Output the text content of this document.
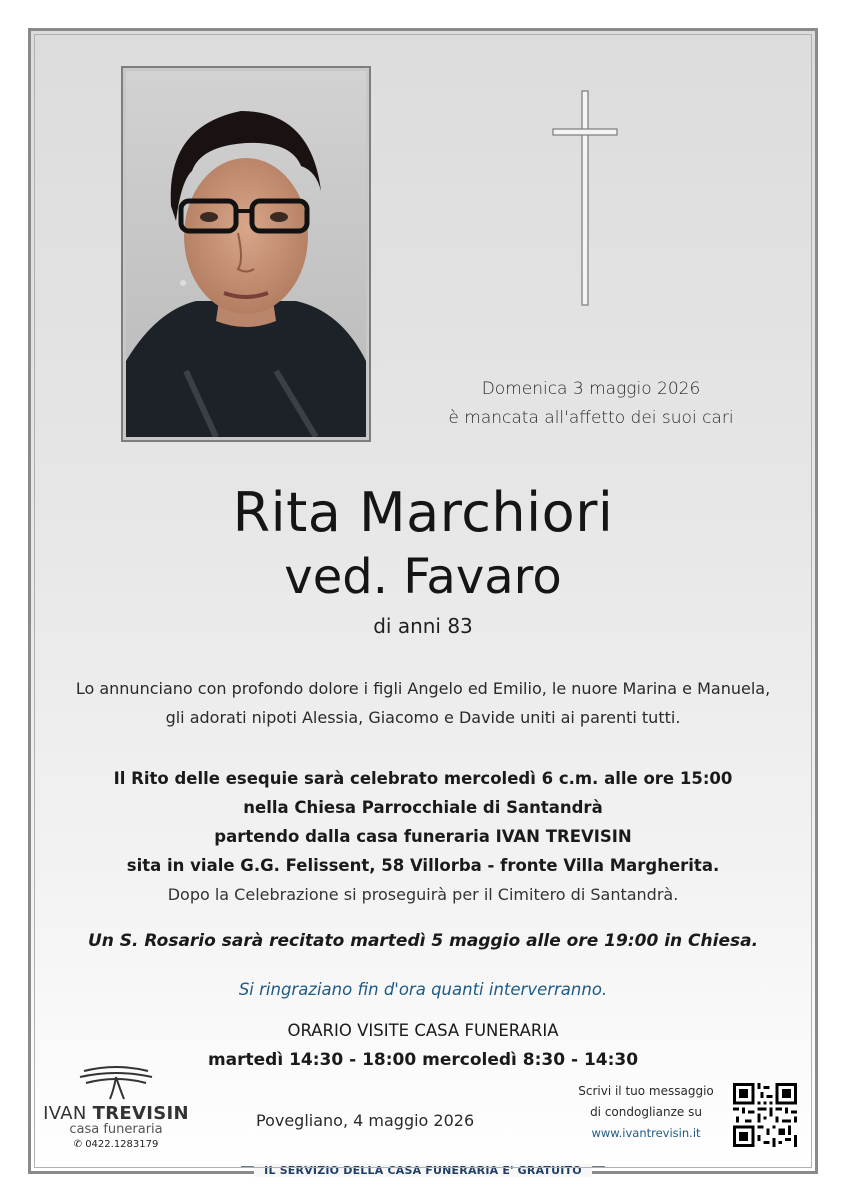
Domenica 3 maggio 2026
è mancata all'affetto dei suoi cari
Rita Marchiori
ved. Favaro
di anni 83
Lo annunciano con profondo dolore i figli Angelo ed Emilio, le nuore Marina e Manuela,
gli adorati nipoti Alessia, Giacomo e Davide uniti ai parenti tutti.
Il Rito delle esequie sarà celebrato mercoledì 6 c.m. alle ore 15:00
nella Chiesa Parrocchiale di Santandrà
partendo dalla casa funeraria IVAN TREVISIN
sita in viale G.G. Felissent, 58 Villorba - fronte Villa Margherita.
Dopo la Celebrazione si proseguirà per il Cimitero di Santandrà.
Un S. Rosario sarà recitato martedì 5 maggio alle ore 19:00 in Chiesa.
Si ringraziano fin d'ora quanti interverranno.
ORARIO VISITE CASA FUNERARIA
martedì 14:30 - 18:00 mercoledì 8:30 - 14:30
IVAN TREVISIN
casa funeraria
✆ 0422.1283179
Povegliano, 4 maggio 2026
Scrivi il tuo messaggio
di condoglianze su
www.ivantrevisin.it
IL SERVIZIO DELLA CASA FUNERARIA E' GRATUITO
